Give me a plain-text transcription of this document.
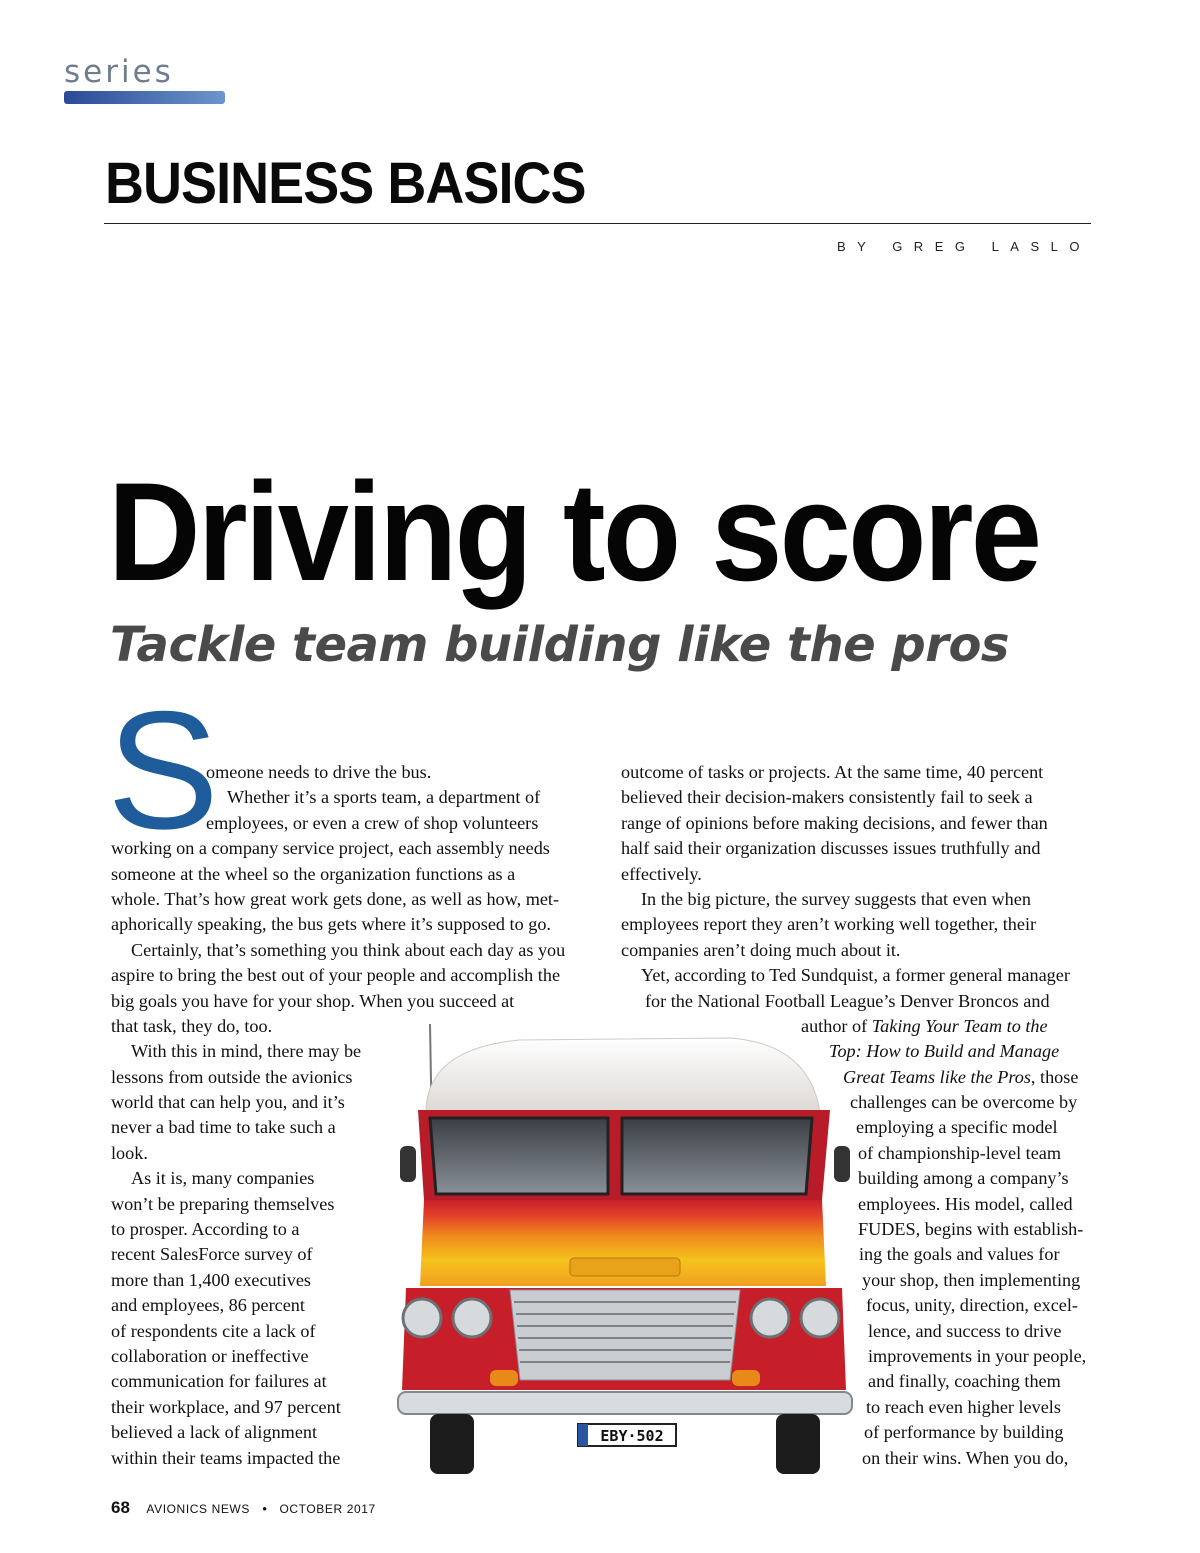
series
BUSINESS BASICS
BY GREG LASLO
Driving to score
Tackle team building like the pros
S
omeone needs to drive the bus.
Whether it’s a sports team, a department of
employees, or even a crew of shop volunteers
working on a company service project, each assembly needs
someone at the wheel so the organization functions as a
whole. That’s how great work gets done, as well as how, met-
aphorically speaking, the bus gets where it’s supposed to go.
Certainly, that’s something you think about each day as you
aspire to bring the best out of your people and accomplish the
big goals you have for your shop. When you succeed at
that task, they do, too.
With this in mind, there may be
lessons from outside the avionics
world that can help you, and it’s
never a bad time to take such a
look.
As it is, many companies
won’t be preparing themselves
to prosper. According to a
recent SalesForce survey of
more than 1,400 executives
and employees, 86 percent
of respondents cite a lack of
collaboration or ineffective
communication for failures at
their workplace, and 97 percent
believed a lack of alignment
within their teams impacted the
outcome of tasks or projects. At the same time, 40 percent
believed their decision-makers consistently fail to seek a
range of opinions before making decisions, and fewer than
half said their organization discusses issues truthfully and
effectively.
In the big picture, the survey suggests that even when
employees report they aren’t working well together, their
companies aren’t doing much about it.
Yet, according to Ted Sundquist, a former general manager
for the National Football League’s Denver Broncos and
author of Taking Your Team to the
Top: How to Build and Manage
Great Teams like the Pros, those
challenges can be overcome by
employing a specific model
of championship-level team
building among a company’s
employees. His model, called
FUDES, begins with establish-
ing the goals and values for
your shop, then implementing
focus, unity, direction, excel-
lence, and success to drive
improvements in your people,
and finally, coaching them
to reach even higher levels
of performance by building
on their wins. When you do,
EBY·502
68 AVIONICS NEWS • OCTOBER 2017
